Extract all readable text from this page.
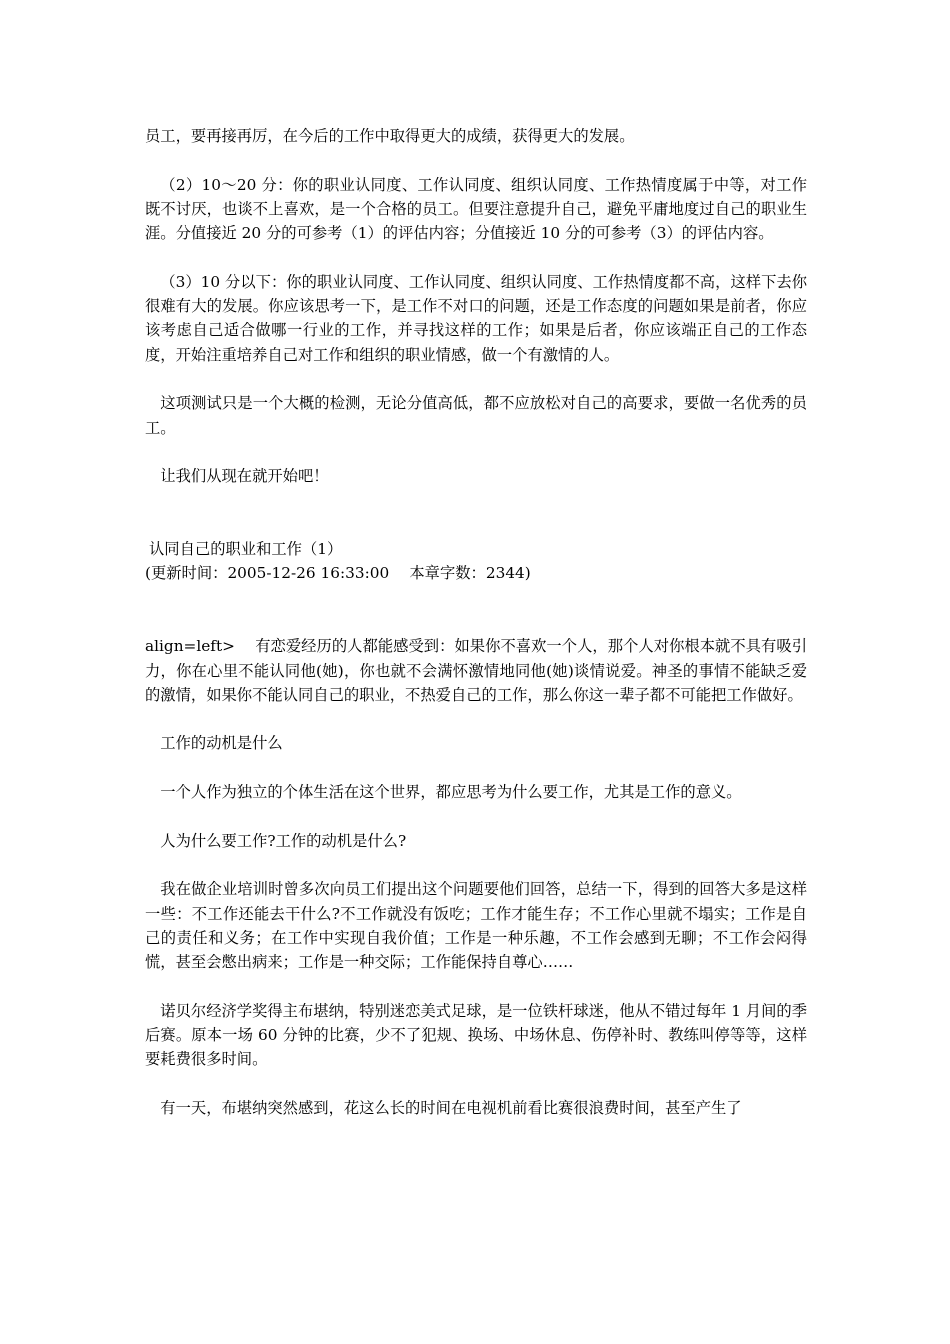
员工，要再接再厉，在今后的工作中取得更大的成绩，获得更大的发展。

（2）10～20 分：你的职业认同度、工作认同度、组织认同度、工作热情度属于中等，对工作既不讨厌，也谈不上喜欢，是一个合格的员工。但要注意提升自己，避免平庸地度过自己的职业生涯。分值接近 20 分的可参考（1）的评估内容；分值接近 10 分的可参考（3）的评估内容。

（3）10 分以下：你的职业认同度、工作认同度、组织认同度、工作热情度都不高，这样下去你很难有大的发展。你应该思考一下，是工作不对口的问题，还是工作态度的问题如果是前者，你应该考虑自己适合做哪一行业的工作，并寻找这样的工作；如果是后者，你应该端正自己的工作态度，开始注重培养自己对工作和组织的职业情感，做一个有激情的人。

这项测试只是一个大概的检测，无论分值高低，都不应放松对自己的高要求，要做一名优秀的员工。

让我们从现在就开始吧！

认同自己的职业和工作（1）

(更新时间：2005-12-26 16:33:00　 本章字数：2344)

align=left>　 有恋爱经历的人都能感受到：如果你不喜欢一个人，那个人对你根本就不具有吸引力，你在心里不能认同他(她)，你也就不会满怀激情地同他(她)谈情说爱。神圣的事情不能缺乏爱的激情，如果你不能认同自己的职业，不热爱自己的工作，那么你这一辈子都不可能把工作做好。

工作的动机是什么

一个人作为独立的个体生活在这个世界，都应思考为什么要工作，尤其是工作的意义。

人为什么要工作?工作的动机是什么?

我在做企业培训时曾多次向员工们提出这个问题要他们回答，总结一下，得到的回答大多是这样一些：不工作还能去干什么?不工作就没有饭吃；工作才能生存；不工作心里就不塌实；工作是自己的责任和义务；在工作中实现自我价值；工作是一种乐趣，不工作会感到无聊；不工作会闷得慌，甚至会憋出病来；工作是一种交际；工作能保持自尊心……

诺贝尔经济学奖得主布堪纳，特别迷恋美式足球，是一位铁杆球迷，他从不错过每年 1 月间的季后赛。原本一场 60 分钟的比赛，少不了犯规、换场、中场休息、伤停补时、教练叫停等等，这样要耗费很多时间。

有一天，布堪纳突然感到，花这么长的时间在电视机前看比赛很浪费时间，甚至产生了
